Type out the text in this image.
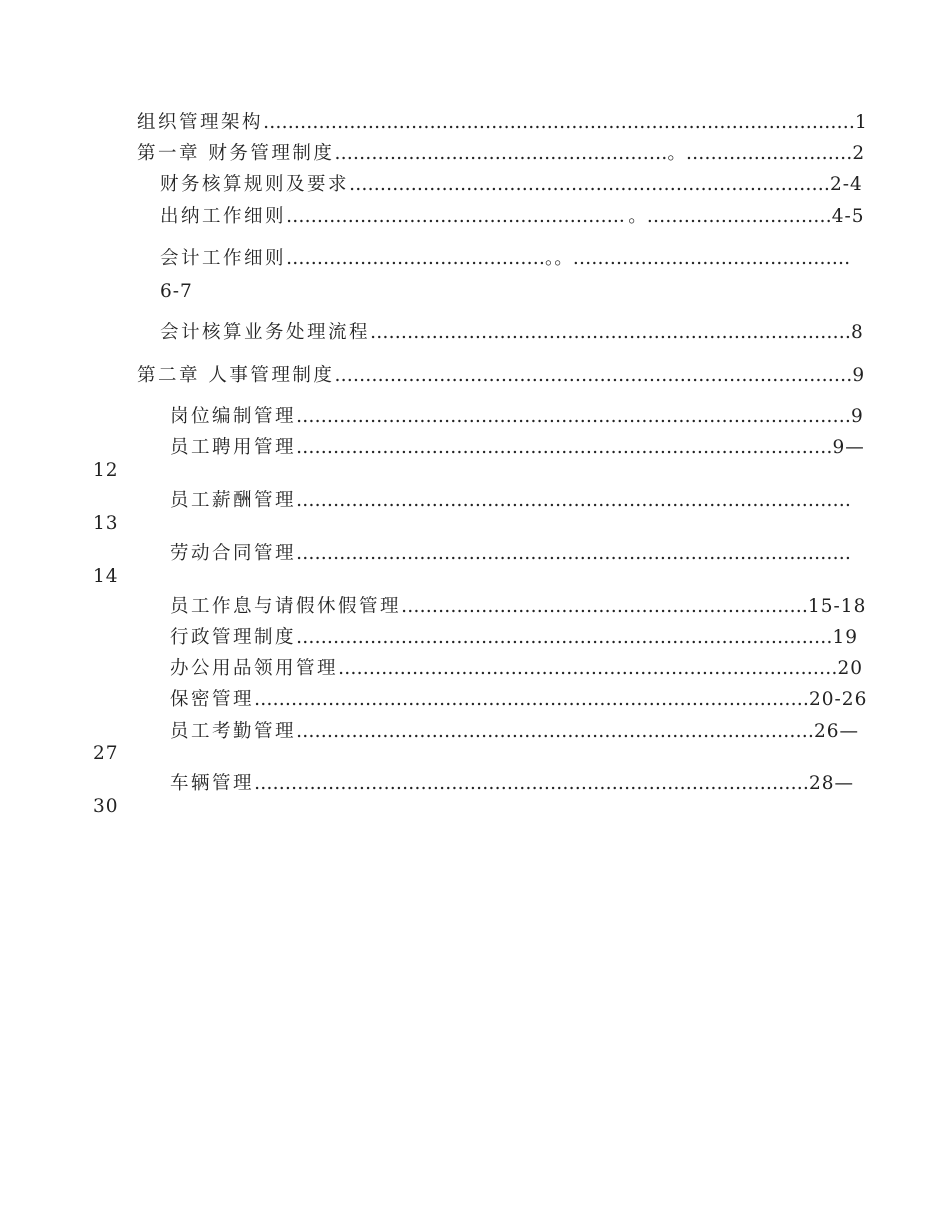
组织管理架构……………………………………………………………………………………1
第一章 财务管理制度………………………………………………。………………………2
财务核算规则及要求……………………………………………………………………2-4
出纳工作细则………………………………………………．。…………………………4-5
会计工作细则……………………………………。。………………………………………
6-7
会计核算业务处理流程……………………………………………………………………8
第二章 人事管理制度…………………………………………………………………………9
岗位编制管理………………………………………………………………………………9
员工聘用管理……………………………………………………………………………9—
12
员工薪酬管理………………………………………………………………………………
13
劳动合同管理………………………………………………………………………………
14
员工作息与请假休假管理…………………………………………………………15-18
行政管理制度……………………………………………………………………………19
办公用品领用管理………………………………………………………………………20
保密管理………………………………………………………………………………20-26
员工考勤管理…………………………………………………………………………26—
27
车辆管理………………………………………………………………………………28—
30
